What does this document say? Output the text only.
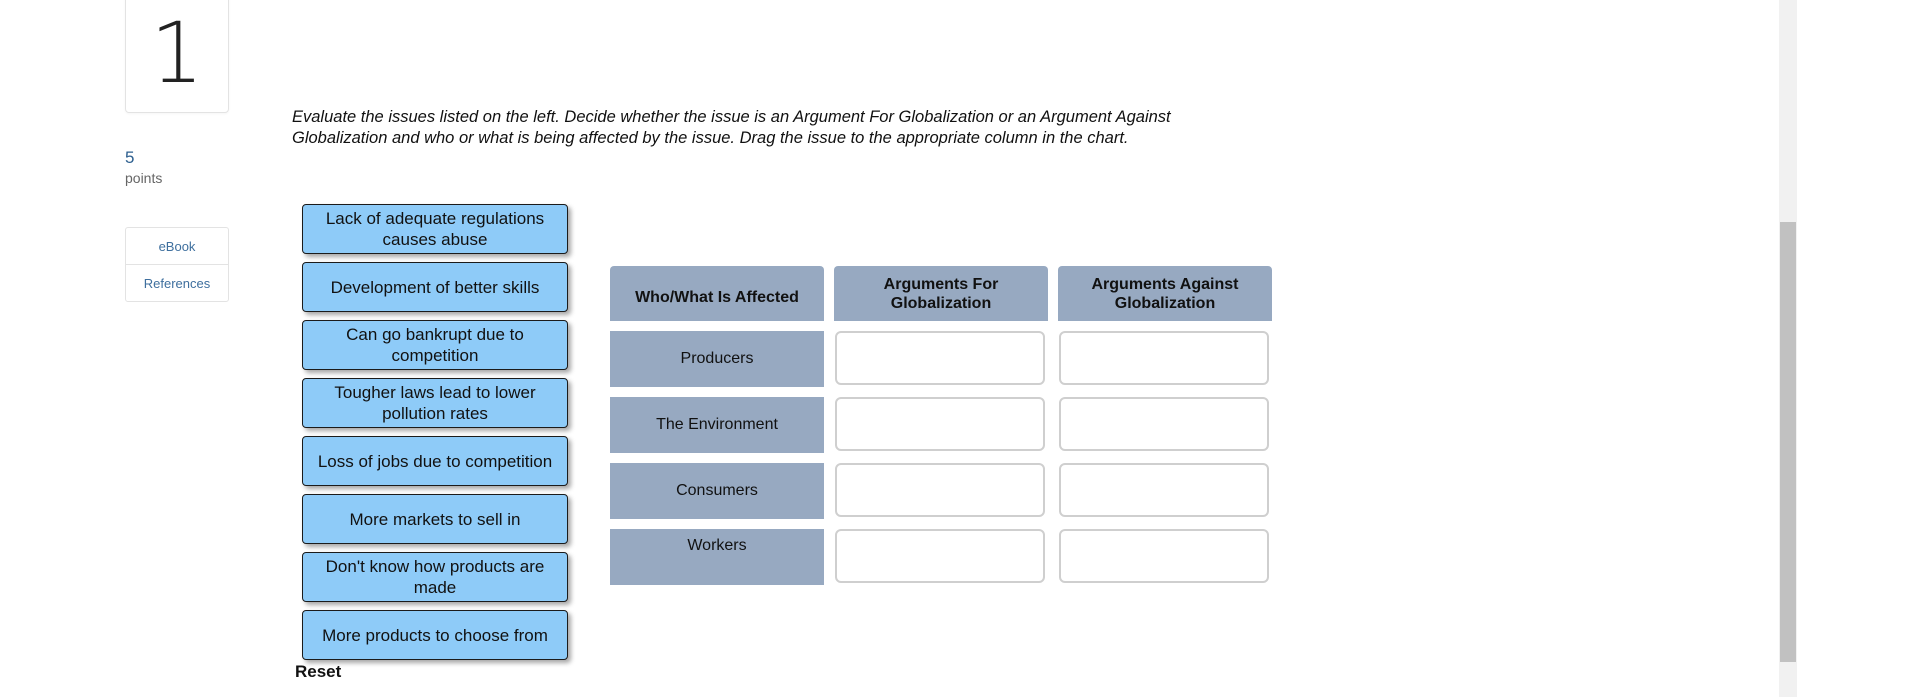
1
5
points
eBook
References
Evaluate the issues listed on the left. Decide whether the issue is an Argument For Globalization or an Argument Against Globalization and who or what is being affected by the issue. Drag the issue to the appropriate column in the chart.
Lack of adequate regulations causes abuse
Development of better skills
Can go bankrupt due to competition
Tougher laws lead to lower pollution rates
Loss of jobs due to competition
More markets to sell in
Don't know how products are made
More products to choose from
Reset
Who/What Is Affected
Arguments For Globalization
Arguments Against Globalization
Producers
The Environment
Consumers
Workers
